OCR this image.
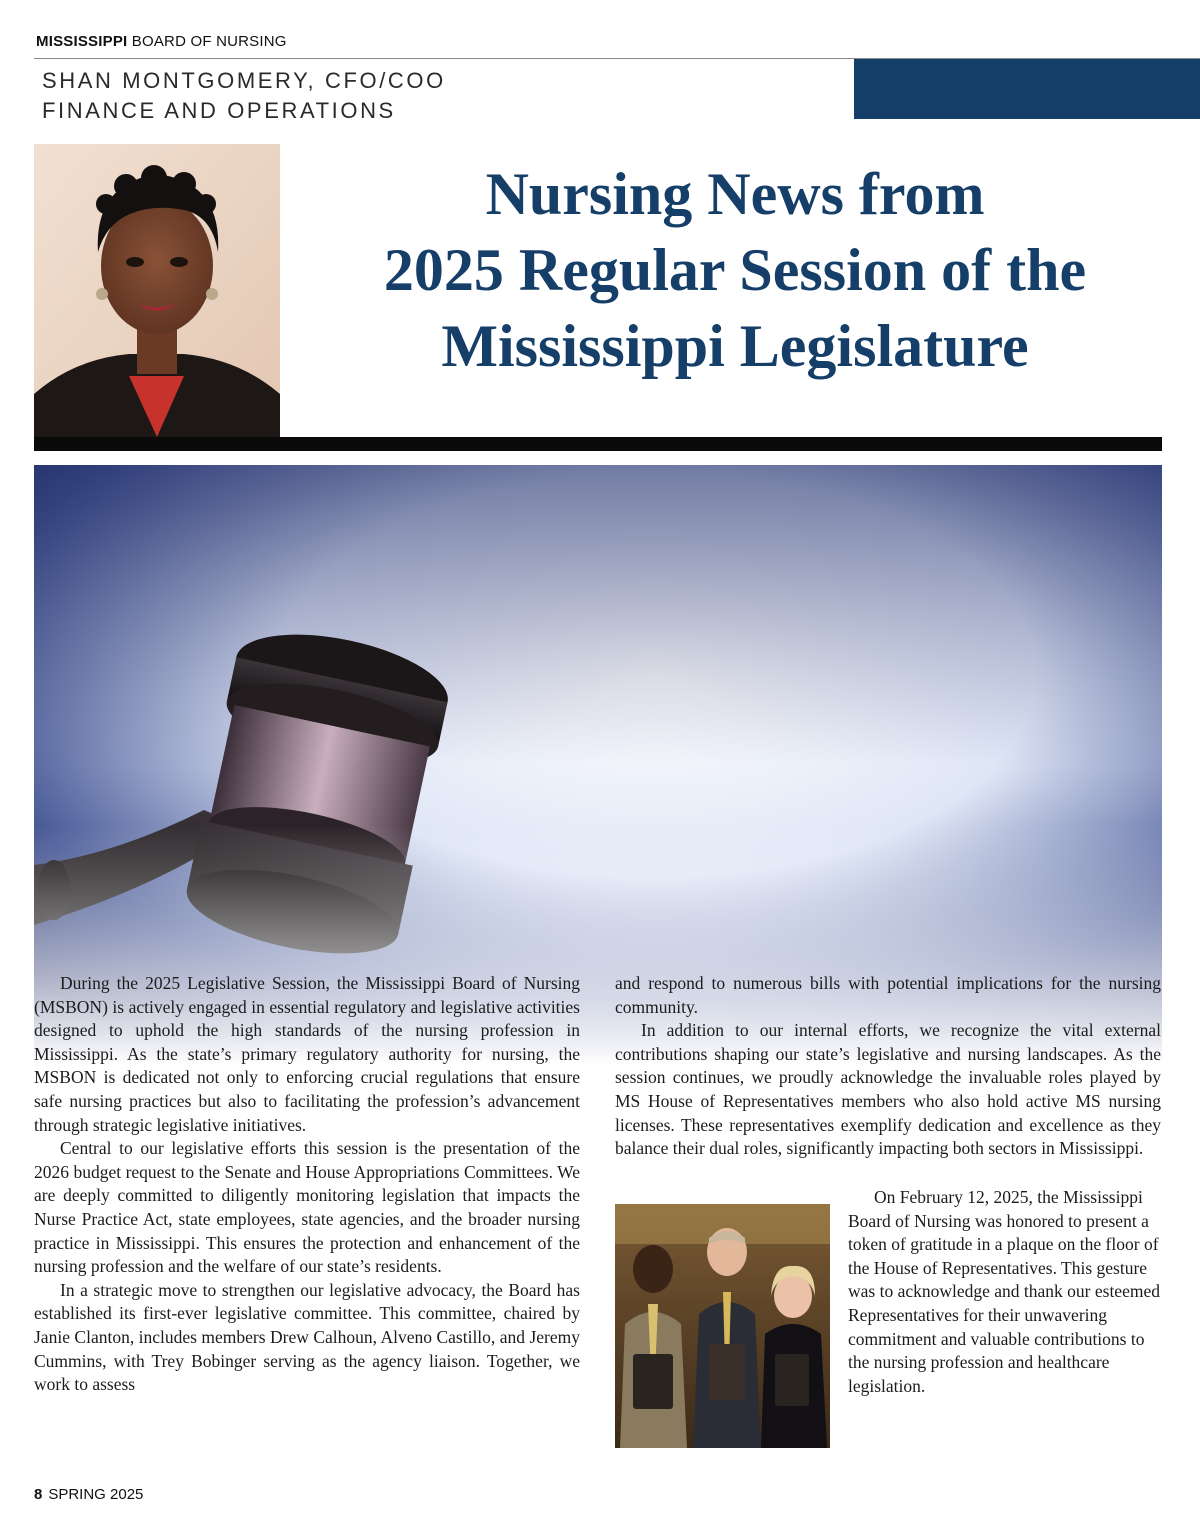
MISSISSIPPI BOARD OF NURSING
SHAN MONTGOMERY, CFO/COO
FINANCE AND OPERATIONS
Nursing News from
2025 Regular Session of the
Mississippi Legislature

During the 2025 Legislative Session, the Mississippi Board of Nursing (MSBON) is actively engaged in essential regulatory and legislative activities designed to uphold the high standards of the nursing profession in Mississippi. As the state’s primary regulatory authority for nursing, the MSBON is dedicated not only to enforcing crucial regulations that ensure safe nursing practices but also to facilitating the profession’s advancement through strategic legislative initiatives.

Central to our legislative efforts this session is the presentation of the 2026 budget request to the Senate and House Appropriations Committees. We are deeply committed to diligently monitoring legislation that impacts the Nurse Practice Act, state employees, state agencies, and the broader nursing practice in Mississippi. This ensures the protection and enhancement of the nursing profession and the welfare of our state’s residents.

In a strategic move to strengthen our legislative advocacy, the Board has established its first-ever legislative committee. This committee, chaired by Janie Clanton, includes members Drew Calhoun, Alveno Castillo, and Jeremy Cummins, with Trey Bobinger serving as the agency liaison. Together, we work to assess

and respond to numerous bills with potential implications for the nursing community.

In addition to our internal efforts, we recognize the vital external contributions shaping our state’s legislative and nursing landscapes. As the session continues, we proudly acknowledge the invaluable roles played by MS House of Representatives members who also hold active MS nursing licenses. These representatives exemplify dedication and excellence as they balance their dual roles, significantly impacting both sectors in Mississippi.

On February 12, 2025, the Mississippi Board of Nursing was honored to present a token of gratitude in a plaque on the floor of the House of Representatives. This gesture was to acknowledge and thank our esteemed Representatives for their unwavering commitment and valuable contributions to the nursing profession and healthcare legislation.

8 SPRING 2025
